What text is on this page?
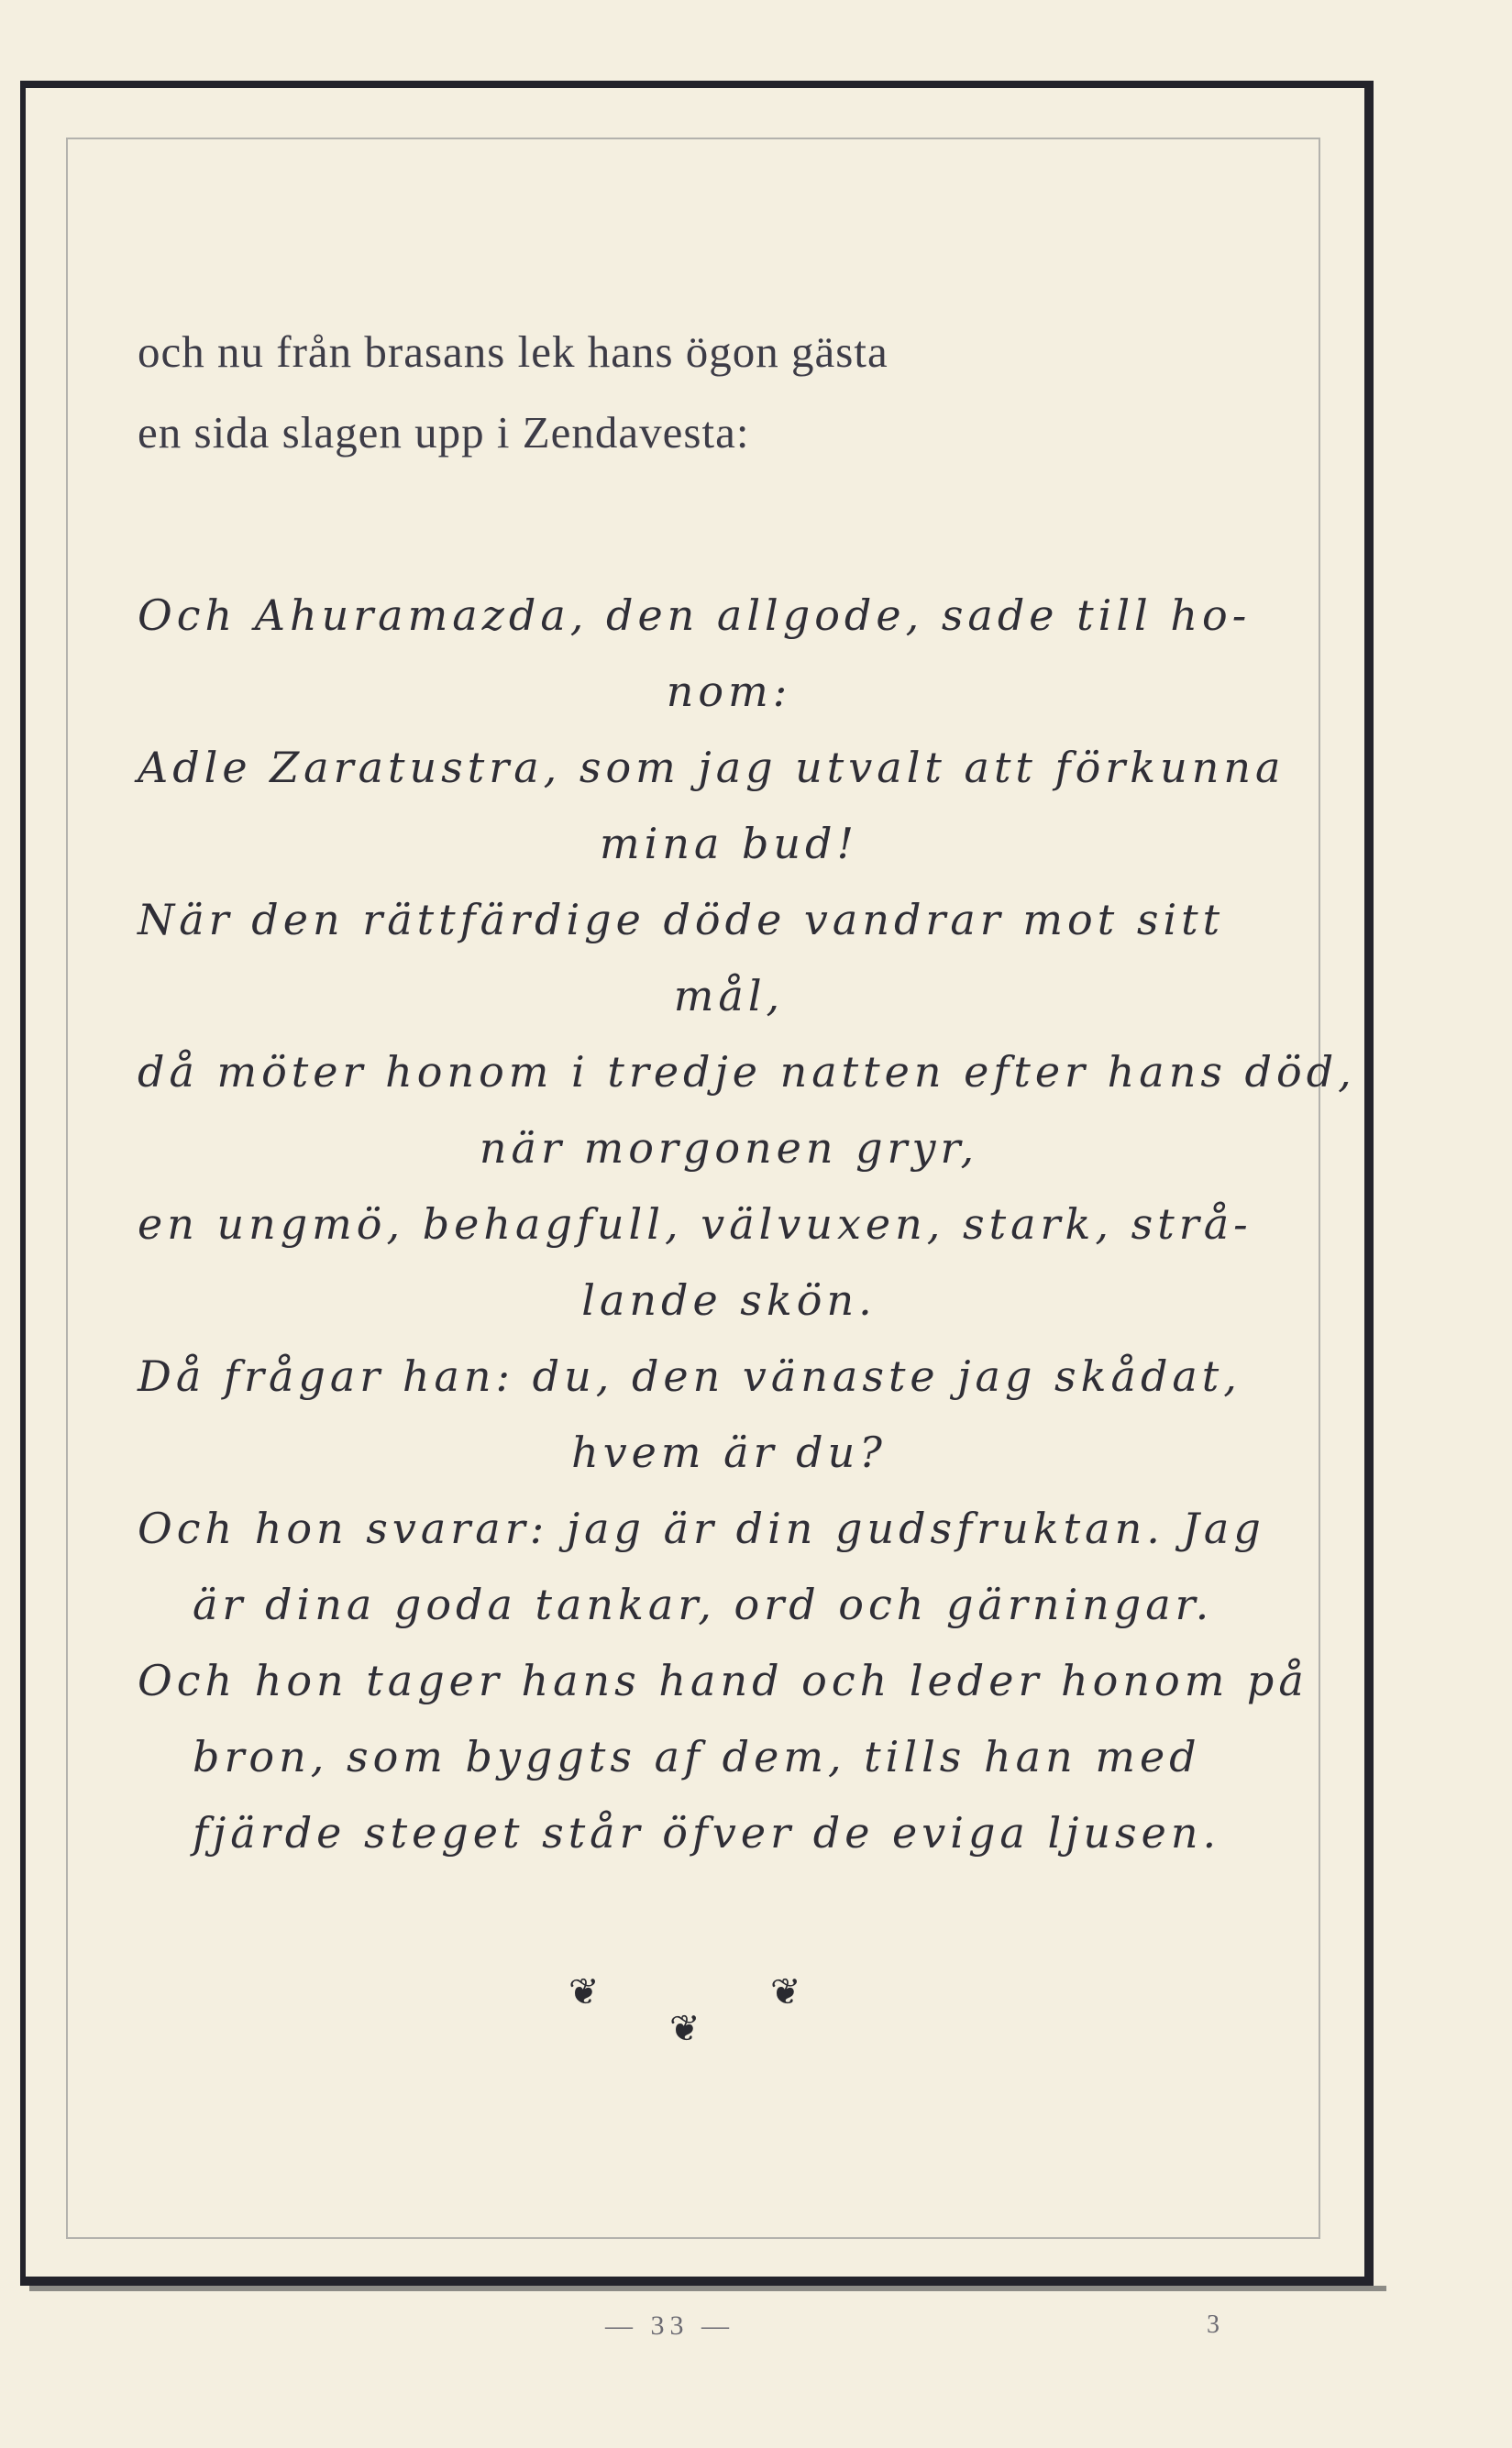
och nu från brasans lek hans ögon gästa
en sida slagen upp i Zendavesta:
Och Ahuramazda, den allgode, sade till ho-
nom:
Adle Zaratustra, som jag utvalt att förkunna
mina bud!
När den rättfärdige döde vandrar mot sitt
mål,
då möter honom i tredje natten efter hans död,
när morgonen gryr,
en ungmö, behagfull, välvuxen, stark, strå-
lande skön.
Då frågar han: du, den vänaste jag skådat,
hvem är du?
Och hon svarar: jag är din gudsfruktan. Jag
är dina goda tankar, ord och gärningar.
Och hon tager hans hand och leder honom på
bron, som byggts af dem, tills han med
fjärde steget står öfver de eviga ljusen.
❦
❦
❦
— 33 —	3
